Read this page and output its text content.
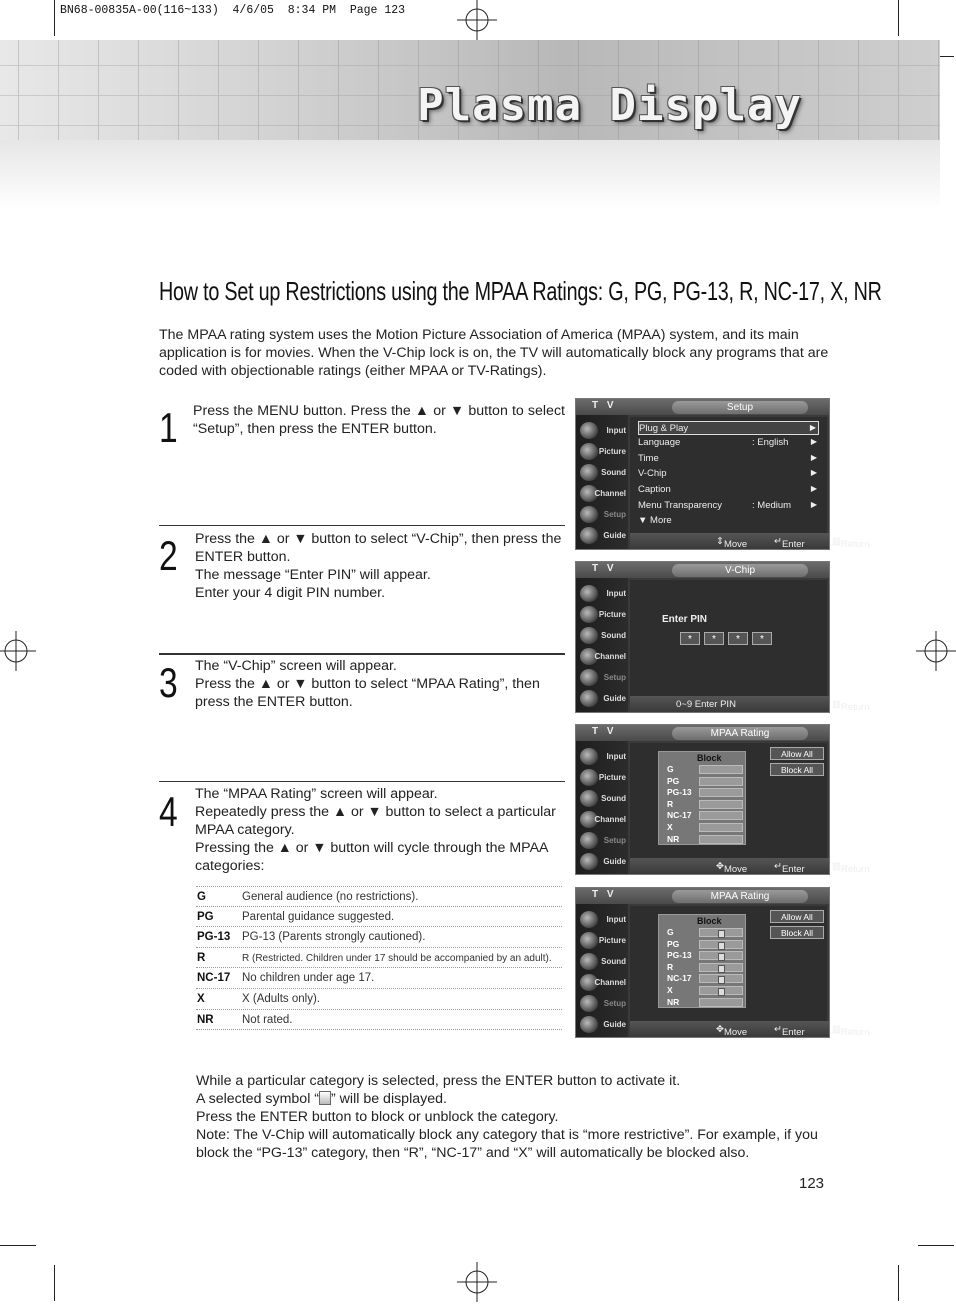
BN68-00835A-00(116~133)  4/6/05  8:34 PM  Page 123
Plasma Display
How to Set up Restrictions using the MPAA Ratings: G, PG, PG-13, R, NC-17, X, NR
The MPAA rating system uses the Motion Picture Association of America (MPAA) system, and its main application is for movies. When the V-Chip lock is on, the TV will automatically block any programs that are coded with objectionable ratings (either MPAA or TV-Ratings).
1 Press the MENU button. Press the ▲ or ▼ button to select “Setup”, then press the ENTER button.
2 Press the ▲ or ▼ button to select “V-Chip”, then press the ENTER button.
The message “Enter PIN” will appear.
Enter your 4 digit PIN number.
3 The “V-Chip” screen will appear.
Press the ▲ or ▼ button to select “MPAA Rating”, then press the ENTER button.
4 The “MPAA Rating” screen will appear.
Repeatedly press the ▲ or ▼ button to select a particular MPAA category.
Pressing the ▲ or ▼ button will cycle through the MPAA categories:
G	General audience (no restrictions).
PG Parental guidance suggested.
PG-13 PG-13 (Parents strongly cautioned).
R	R (Restricted. Children under 17 should be accompanied by an adult).
NC-17 No children under age 17.
X	X (Adults only).
NR Not rated.
While a particular category is selected, press the ENTER button to activate it.
A selected symbol “ ” will be displayed.
Press the ENTER button to block or unblock the category.
Note: The V-Chip will automatically block any category that is “more restrictive”. For example, if you block the “PG-13” category, then “R”, “NC-17” and “X” will automatically be blocked also.
123
T V	Setup
Input
Picture
Sound
Channel
Setup
Guide
Plug & Play	▶
Language	: English	▶
Time	▶
V-Chip	▶
Caption	▶
Menu Transparency	: Medium ▶
▼ More
⇕ Move	↵ Enter	▥ Return
T V	V-Chip
Input
Picture
Sound
Channel
Setup
Guide
Enter PIN
*	*	*	*
0~9 Enter PIN	▥ Return
T V	MPAA Rating
Input
Picture
Sound
Channel
Setup
Guide
Block
G
PG
PG-13
R
NC-17
X
NR
Allow All
Block All
✥ Move	↵ Enter	▥ Return
T V	MPAA Rating
Input
Picture
Sound
Channel
Setup
Guide
Block
G
PG
PG-13
R
NC-17
X
NR
Allow All
Block All
✥ Move	↵ Enter	▥ Return
